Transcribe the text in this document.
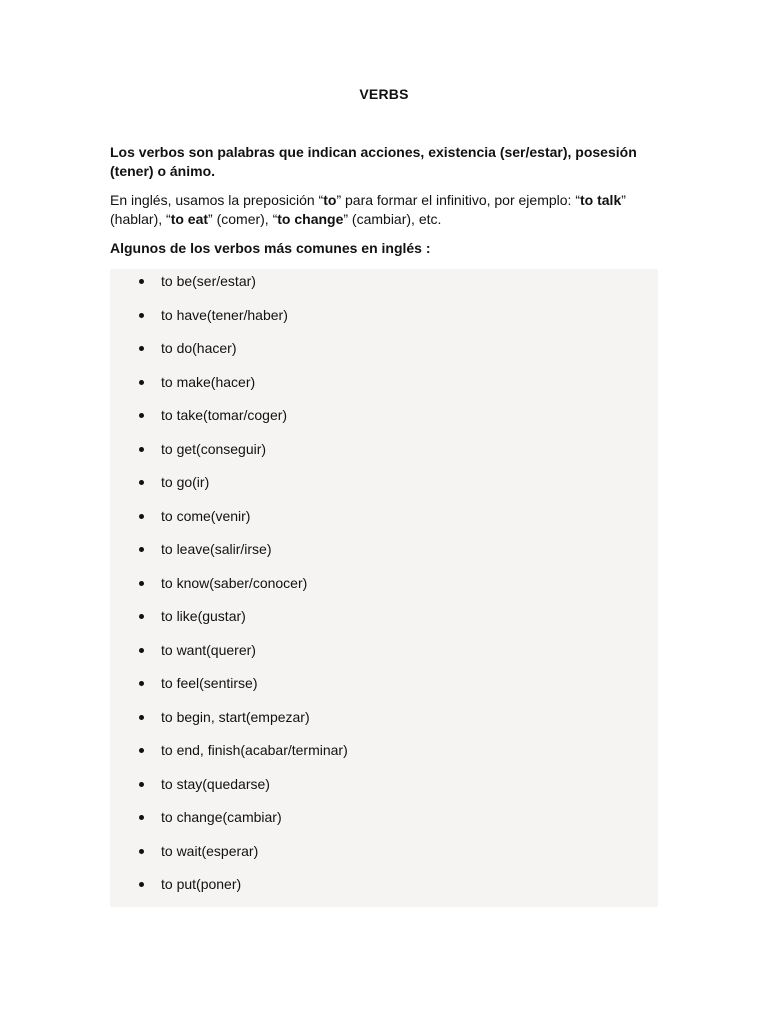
VERBS
Los verbos son palabras que indican acciones, existencia (ser/estar), posesión (tener) o ánimo.
En inglés, usamos la preposición “to” para formar el infinitivo, por ejemplo: “to talk” (hablar), “to eat” (comer), “to change” (cambiar), etc.
Algunos de los verbos más comunes en inglés :
to be(ser/estar)
to have(tener/haber)
to do(hacer)
to make(hacer)
to take(tomar/coger)
to get(conseguir)
to go(ir)
to come(venir)
to leave(salir/irse)
to know(saber/conocer)
to like(gustar)
to want(querer)
to feel(sentirse)
to begin, start(empezar)
to end, finish(acabar/terminar)
to stay(quedarse)
to change(cambiar)
to wait(esperar)
to put(poner)
